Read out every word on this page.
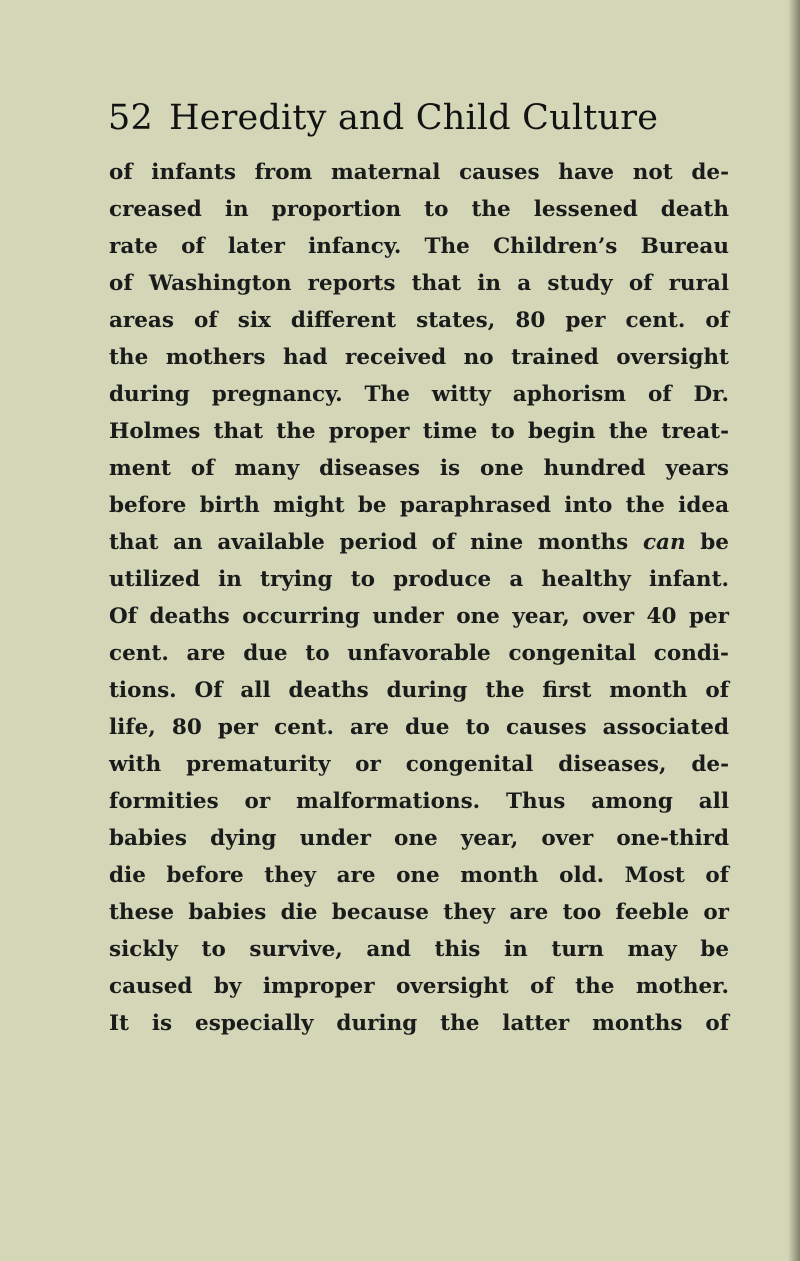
52 Heredity and Child Culture
of infants from maternal causes have not de-
creased in proportion to the lessened death
rate of later infancy. The Children’s Bureau
of Washington reports that in a study of rural
areas of six different states, 80 per cent. of
the mothers had received no trained oversight
during pregnancy. The witty aphorism of Dr.
Holmes that the proper time to begin the treat-
ment of many diseases is one hundred years
before birth might be paraphrased into the idea
that an available period of nine months can be
utilized in trying to produce a healthy infant.
Of deaths occurring under one year, over 40 per
cent. are due to unfavorable congenital condi-
tions. Of all deaths during the first month of
life, 80 per cent. are due to causes associated
with prematurity or congenital diseases, de-
formities or malformations. Thus among all
babies dying under one year, over one-third
die before they are one month old. Most of
these babies die because they are too feeble or
sickly to survive, and this in turn may be
caused by improper oversight of the mother.
It is especially during the latter months of
